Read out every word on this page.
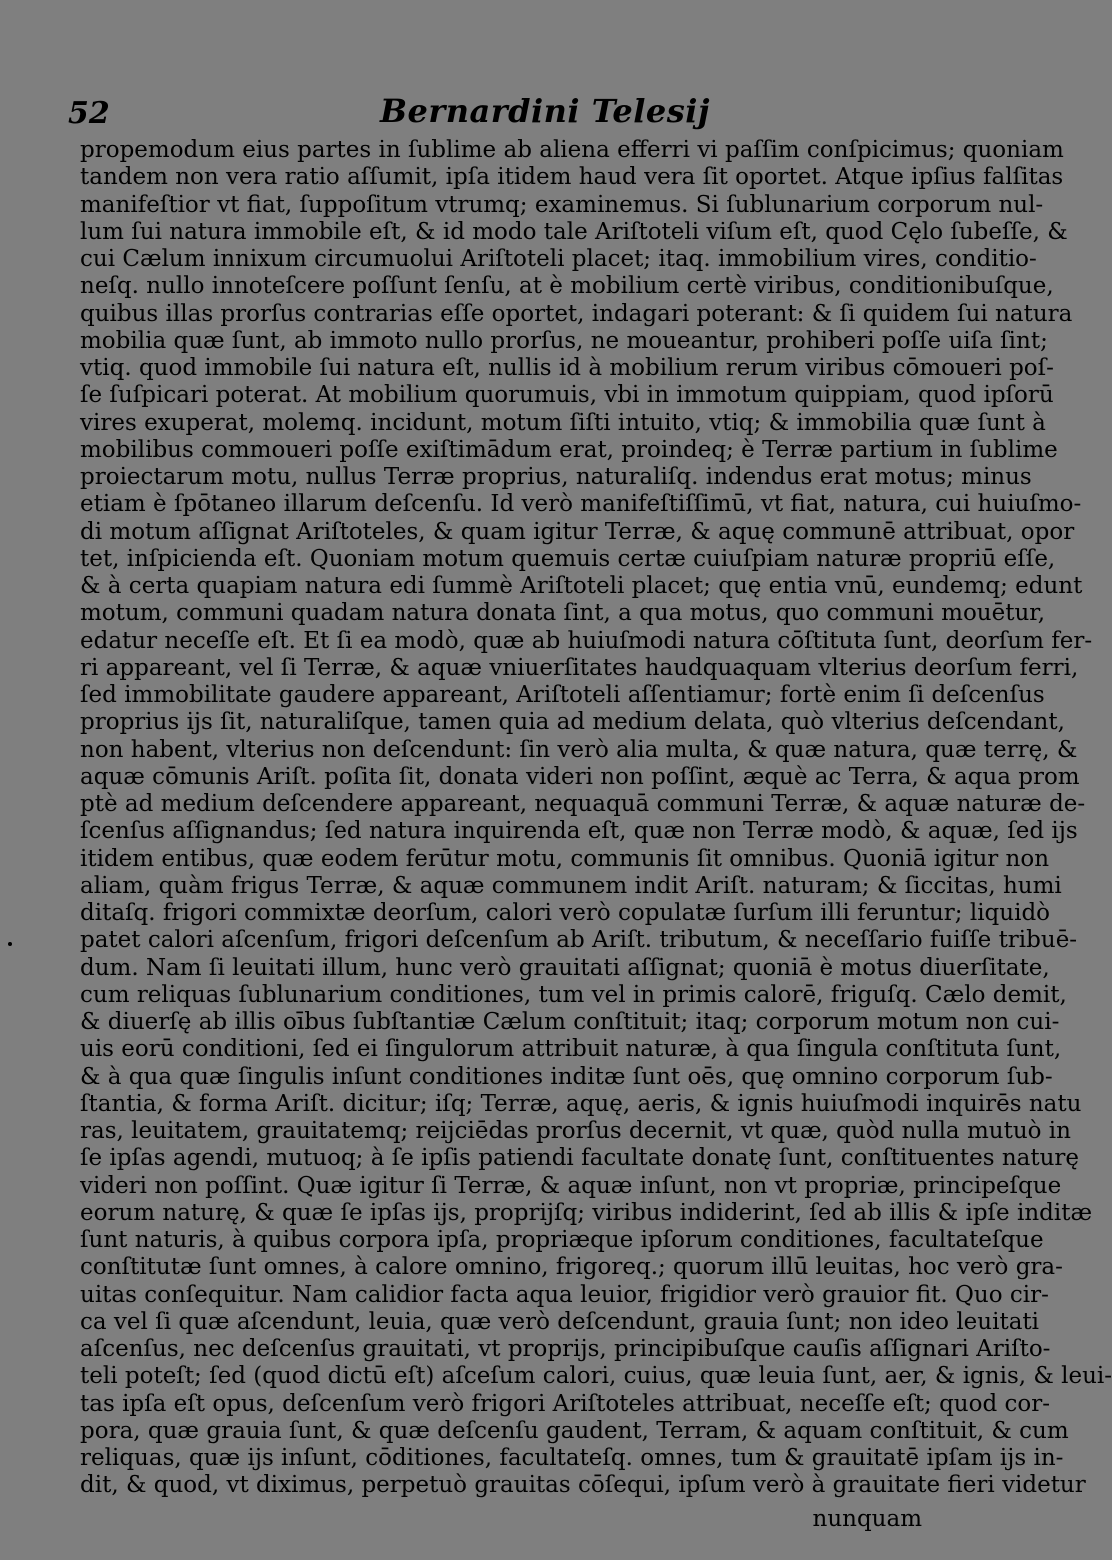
52	Bernardini Telesij
propemodum eius partes in ſublime ab aliena efferri vi paſſim conſpicimus; quoniam
tandem non vera ratio aſſumit, ipſa itidem haud vera ſit oportet. Atque ipſius falſitas
manifeſtior vt fiat, ſuppoſitum vtrumq; examinemus. Si ſublunarium corporum nul-
lum ſui natura immobile eſt, & id modo tale Ariſtoteli viſum eſt, quod Cęlo ſubeſſe, &
cui Cælum innixum circumuolui Ariſtoteli placet; itaq. immobilium vires, conditio-
neſq. nullo innoteſcere poſſunt ſenſu, at è mobilium certè viribus, conditionibuſque,
quibus illas prorſus contrarias eſſe oportet, indagari poterant: & ſi quidem ſui natura
mobilia quæ ſunt, ab immoto nullo prorſus, ne moueantur, prohiberi poſſe uiſa ſint;
vtiq. quod immobile ſui natura eſt, nullis id à mobilium rerum viribus cōmoueri poſ-
ſe ſuſpicari poterat. At mobilium quorumuis, vbi in immotum quippiam, quod ipſorū
vires exuperat, molemq. incidunt, motum ſiſti intuito, vtiq; & immobilia quæ ſunt à
mobilibus commoueri poſſe exiſtimādum erat, proindeq; è Terræ partium in ſublime
proiectarum motu, nullus Terræ proprius, naturaliſq. indendus erat motus; minus
etiam è ſpōtaneo illarum deſcenſu. Id verò manifeſtiſſimū, vt fiat, natura, cui huiuſmo-
di motum aſſignat Ariſtoteles, & quam igitur Terræ, & aquę communē attribuat, opor
tet, inſpicienda eſt. Quoniam motum quemuis certæ cuiuſpiam naturæ propriū eſſe,
& à certa quapiam natura edi ſummè Ariſtoteli placet; quę entia vnū, eundemq; edunt
motum, communi quadam natura donata ſint, a qua motus, quo communi mouētur,
edatur neceſſe eſt. Et ſi ea modò, quæ ab huiuſmodi natura cōſtituta ſunt, deorſum fer-
ri appareant, vel ſi Terræ, & aquæ vniuerſitates haudquaquam vlterius deorſum ferri,
ſed immobilitate gaudere appareant, Ariſtoteli aſſentiamur; fortè enim ſi deſcenſus
proprius ijs ſit, naturaliſque, tamen quia ad medium delata, quò vlterius deſcendant,
non habent, vlterius non deſcendunt: ſin verò alia multa, & quæ natura, quæ terrę, &
aquæ cōmunis Ariſt. poſita ſit, donata videri non poſſint, æquè ac Terra, & aqua prom
ptè ad medium deſcendere appareant, nequaquā communi Terræ, & aquæ naturæ de-
ſcenſus aſſignandus; ſed natura inquirenda eſt, quæ non Terræ modò, & aquæ, ſed ijs
itidem entibus, quæ eodem ferūtur motu, communis ſit omnibus. Quoniā igitur non
aliam, quàm frigus Terræ, & aquæ communem indit Ariſt. naturam; & ſiccitas, humi
ditaſq. frigori commixtæ deorſum, calori verò copulatæ ſurſum illi feruntur; liquidò
patet calori aſcenſum, frigori deſcenſum ab Ariſt. tributum, & neceſſario fuiſſe tribuē-
dum. Nam ſi leuitati illum, hunc verò grauitati aſſignat; quoniā è motus diuerſitate,
cum reliquas ſublunarium conditiones, tum vel in primis calorē, friguſq. Cælo demit,
& diuerſę ab illis oībus ſubſtantiæ Cælum conſtituit; itaq; corporum motum non cui-
uis eorū conditioni, ſed ei ſingulorum attribuit naturæ, à qua ſingula conſtituta ſunt,
& à qua quæ ſingulis inſunt conditiones inditæ ſunt oēs, quę omnino corporum ſub-
ſtantia, & forma Ariſt. dicitur; iſq; Terræ, aquę, aeris, & ignis huiuſmodi inquirēs natu
ras, leuitatem, grauitatemq; reijciēdas prorſus decernit, vt quæ, quòd nulla mutuò in
ſe ipſas agendi, mutuoq; à ſe ipſis patiendi facultate donatę ſunt, conſtituentes naturę
videri non poſſint. Quæ igitur ſi Terræ, & aquæ inſunt, non vt propriæ, principeſque
eorum naturę, & quæ ſe ipſas ijs, proprijſq; viribus indiderint, ſed ab illis & ipſe inditæ
ſunt naturis, à quibus corpora ipſa, propriæque ipſorum conditiones, facultateſque
conſtitutæ ſunt omnes, à calore omnino, frigoreq.; quorum illū leuitas, hoc verò gra-
uitas conſequitur. Nam calidior facta aqua leuior, frigidior verò grauior fit. Quo cir-
ca vel ſi quæ aſcendunt, leuia, quæ verò deſcendunt, grauia ſunt; non ideo leuitati
aſcenſus, nec deſcenſus grauitati, vt proprijs, principibuſque cauſis aſſignari Ariſto-
teli poteſt; ſed (quod dictū eſt) aſceſum calori, cuius, quæ leuia ſunt, aer, & ignis, & leui-
tas ipſa eſt opus, deſcenſum verò frigori Ariſtoteles attribuat, neceſſe eſt; quod cor-
pora, quæ grauia ſunt, & quæ deſcenſu gaudent, Terram, & aquam conſtituit, & cum
reliquas, quæ ijs inſunt, cōditiones, facultateſq. omnes, tum & grauitatē ipſam ijs in-
dit, & quod, vt diximus, perpetuò grauitas cōſequi, ipſum verò à grauitate fieri videtur
nunquam
